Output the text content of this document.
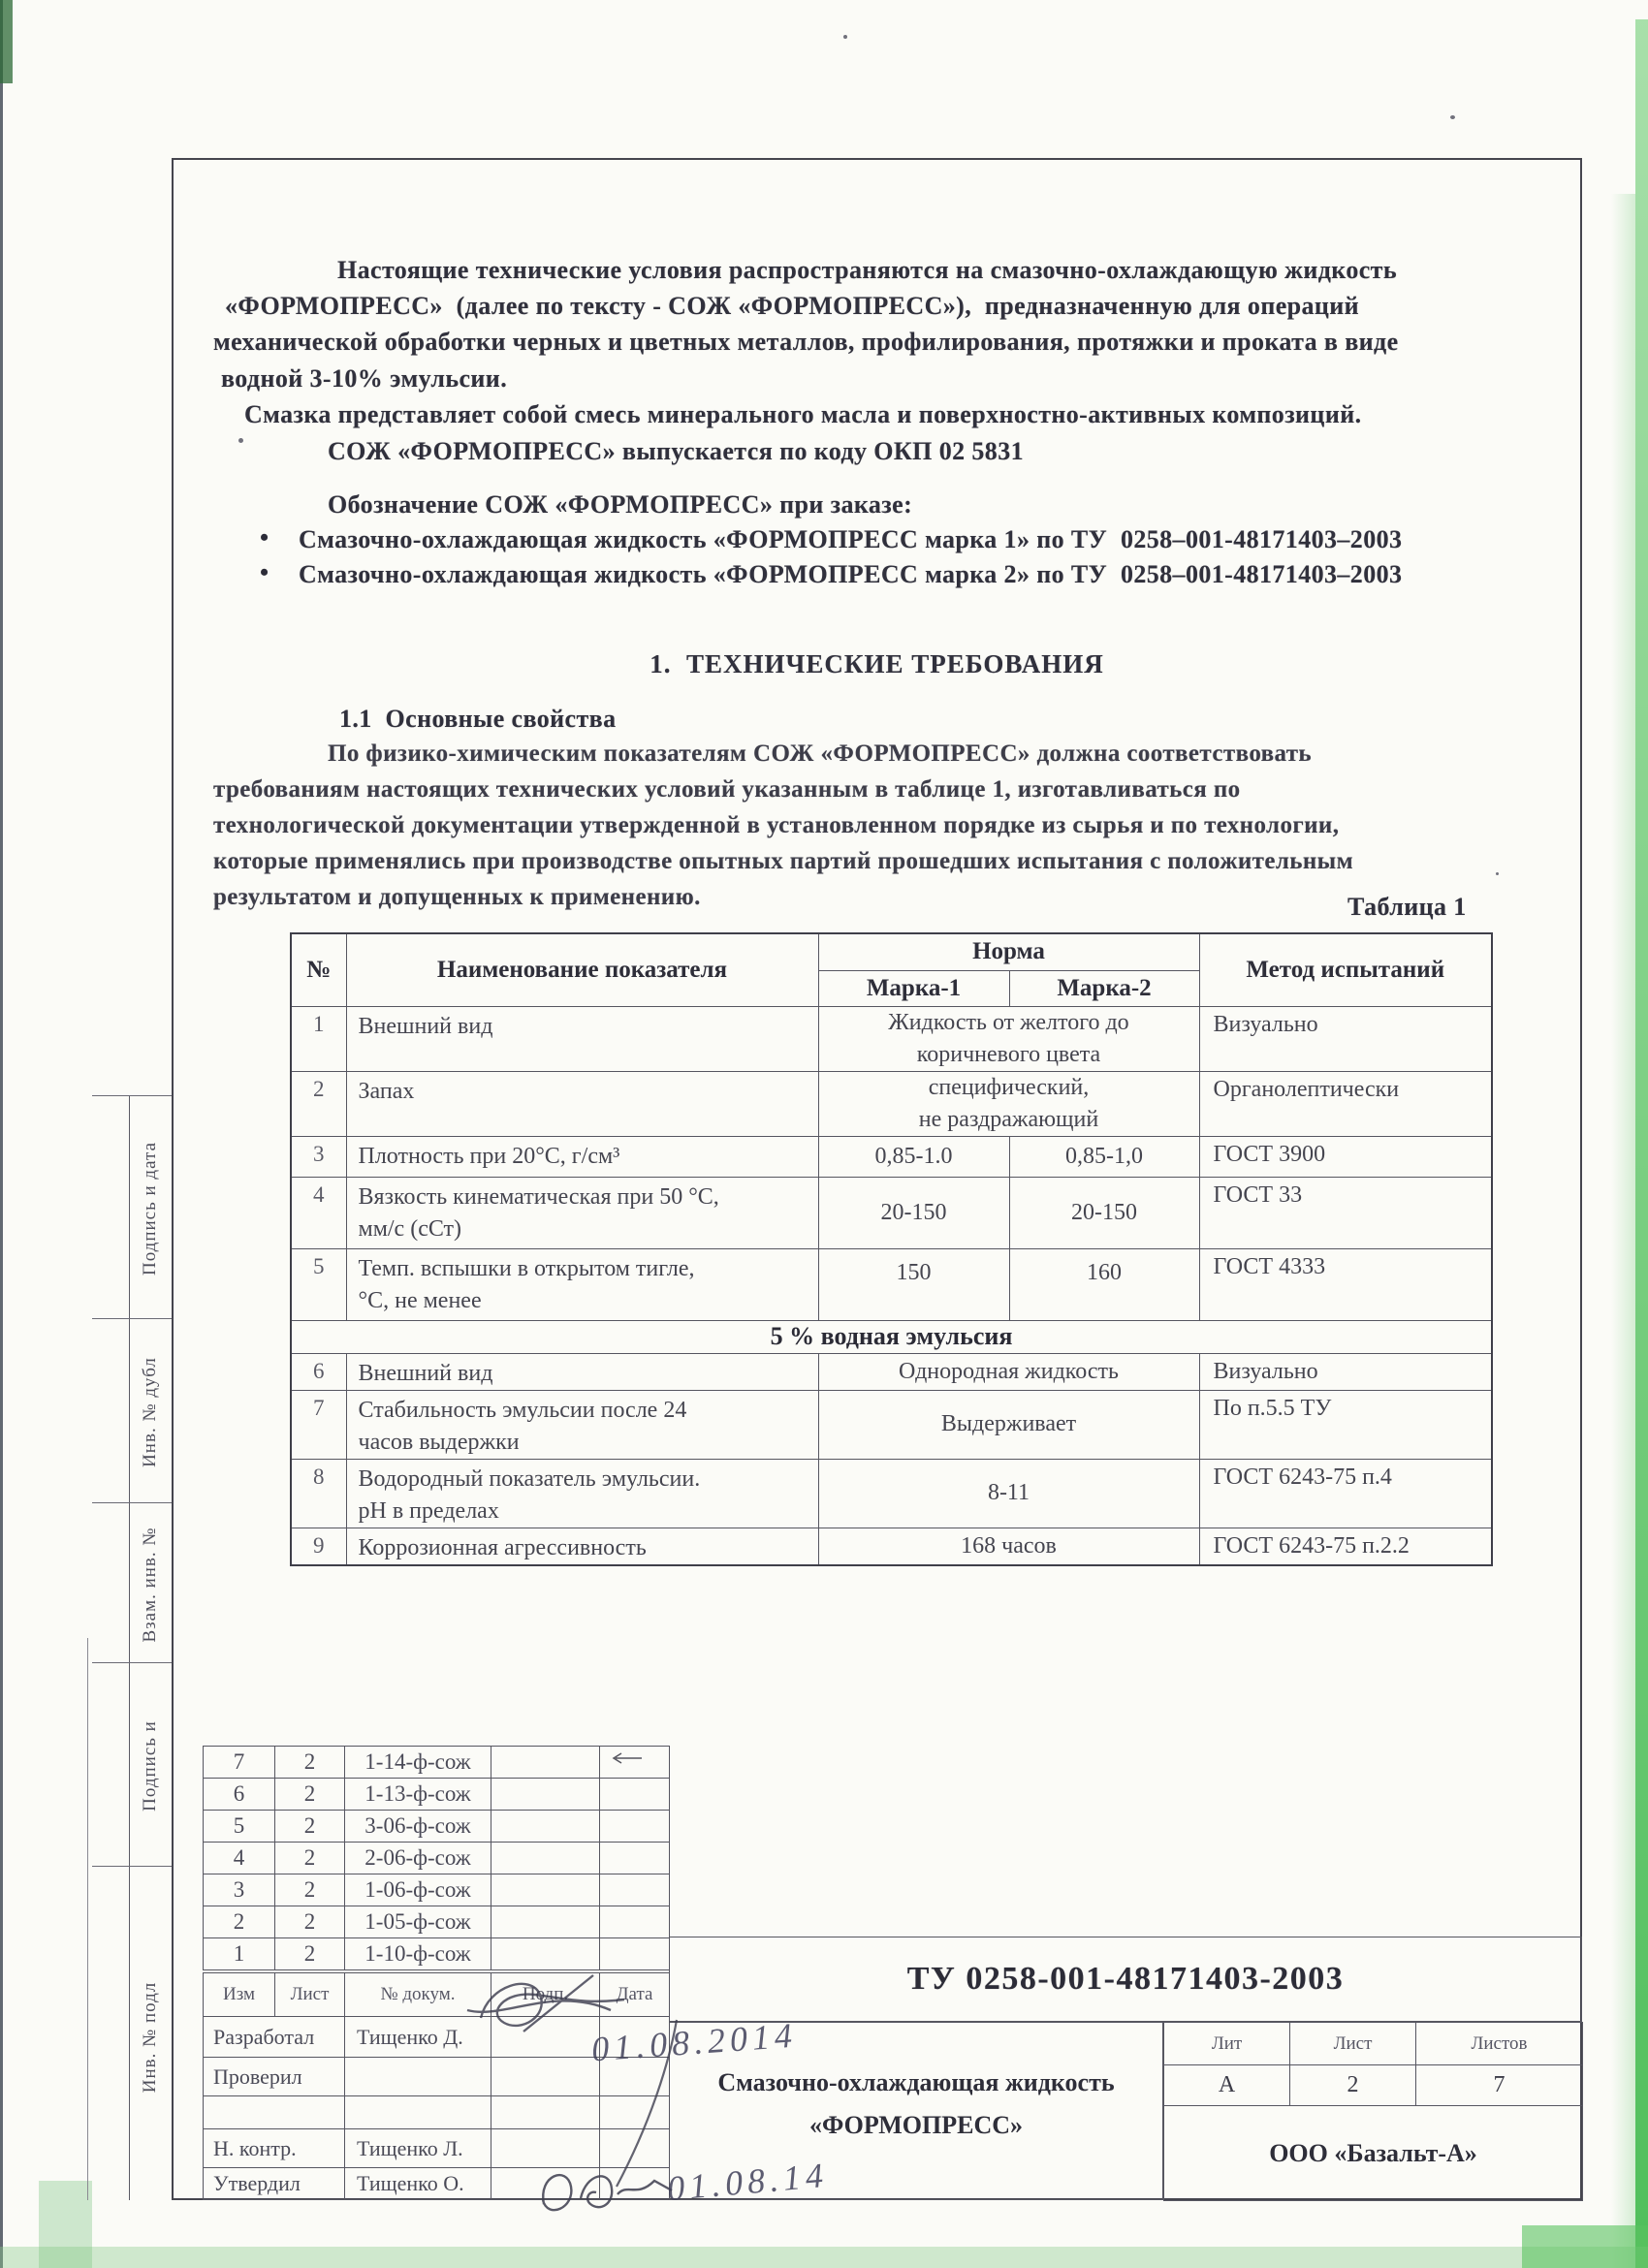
Подпись и дата
Инв. № дубл
Взам. инв. №
Подпись и
Инв. № подл
Настоящие технические условия распространяются на смазочно-охлаждающую жидкость
«ФОРМОПРЕСС»  (далее по тексту - СОЖ «ФОРМОПРЕСС»),  предназначенную для операций
механической обработки черных и цветных металлов, профилирования, протяжки и проката в виде
водной 3-10% эмульсии.
Смазка представляет собой смесь минерального масла и поверхностно-активных композиций.
СОЖ «ФОРМОПРЕСС» выпускается по коду ОКП 02 5831
Обозначение СОЖ «ФОРМОПРЕСС» при заказе:
• Смазочно-охлаждающая жидкость «ФОРМОПРЕСС марка 1» по ТУ  0258–001-48171403–2003
• Смазочно-охлаждающая жидкость «ФОРМОПРЕСС марка 2» по ТУ  0258–001-48171403–2003
1.  ТЕХНИЧЕСКИЕ ТРЕБОВАНИЯ
1.1  Основные свойства
По физико-химическим показателям СОЖ «ФОРМОПРЕСС» должна соответствовать
требованиям настоящих технических условий указанным в таблице 1, изготавливаться по
технологической документации утвержденной в установленном порядке из сырья и по технологии,
которые применялись при производстве опытных партий прошедших испытания с положительным
результатом и допущенных к применению.	Таблица 1
№	Наименование показателя	Норма		Метод испытаний
		Марка-1	Марка-2	
1	Внешний вид	Жидкость от желтого до
коричневого цвета		Визуально
2	Запах	специфический,
не раздражающий		Органолептически
3	Плотность при 20°С, г/см³	0,85-1.0	0,85-1,0	ГОСТ 3900
4	Вязкость кинематическая при 50 °С,
мм/с (сСт)	20-150	20-150	ГОСТ 33
5	Темп. вспышки в открытом тигле,
°С, не менее	150	160	ГОСТ 4333
5 % водная эмульсия				
6	Внешний вид	Однородная жидкость		Визуально
7	Стабильность эмульсии после 24
часов выдержки	Выдерживает		По п.5.5 ТУ
8	Водородный показатель эмульсии.
рН в пределах	8-11		ГОСТ 6243-75 п.4
9	Коррозионная агрессивность	168 часов		ГОСТ 6243-75 п.2.2
7	2	1-14-ф-сож		
6	2	1-13-ф-сож		
5	2	3-06-ф-сож		
4	2	2-06-ф-сож		
3	2	1-06-ф-сож		
2	2	1-05-ф-сож		
1	2	1-10-ф-сож		
Изм	Лист	№ докум.	Подп.	Дата
Разработал		Тищенко Д.		
Проверил				

Н. контр.		Тищенко Л.		
Утвердил		Тищенко О.		
ТУ 0258-001-48171403-2003
Смазочно-охлаждающая жидкость
«ФОРМОПРЕСС»
Лит	Лист	Листов
А	2	7
ООО «Базальт-А»		
01.08.2014
01.08.14
